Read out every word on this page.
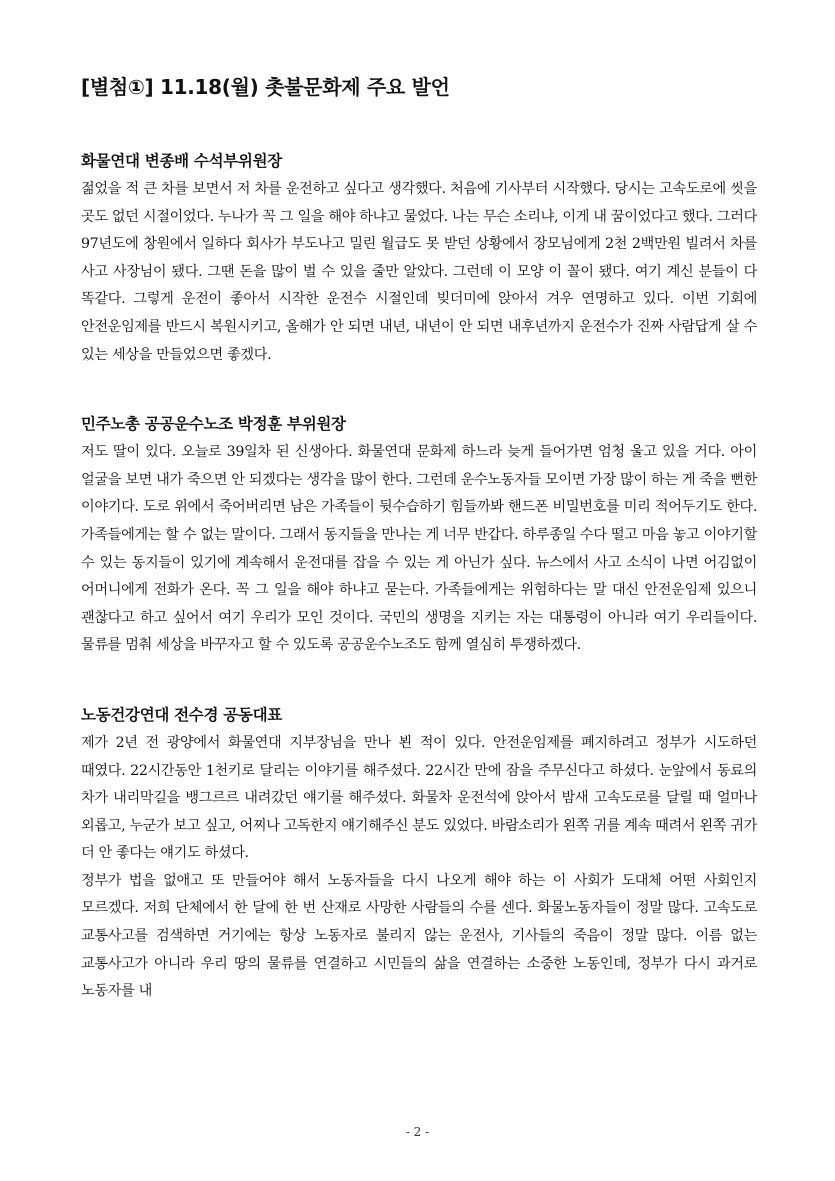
[별첨①] 11.18(월) 촛불문화제 주요 발언
화물연대 변종배 수석부위원장

젊었을 적 큰 차를 보면서 저 차를 운전하고 싶다고 생각했다. 처음에 기사부터 시작했다. 당시는 고속도로에 씻을 곳도 없던 시절이었다. 누나가 꼭 그 일을 해야 하냐고 물었다. 나는 무슨 소리냐, 이게 내 꿈이었다고 했다. 그러다 97년도에 창원에서 일하다 회사가 부도나고 밀린 월급도 못 받던 상황에서 장모님에게 2천 2백만원 빌려서 차를 사고 사장님이 됐다. 그땐 돈을 많이 벌 수 있을 줄만 알았다. 그런데 이 모양 이 꼴이 됐다. 여기 계신 분들이 다 똑같다. 그렇게 운전이 좋아서 시작한 운전수 시절인데 빚더미에 앉아서 겨우 연명하고 있다. 이번 기회에 안전운임제를 반드시 복원시키고, 올해가 안 되면 내년, 내년이 안 되면 내후년까지 운전수가 진짜 사람답게 살 수 있는 세상을 만들었으면 좋겠다.

민주노총 공공운수노조 박정훈 부위원장

저도 딸이 있다. 오늘로 39일차 된 신생아다. 화물연대 문화제 하느라 늦게 들어가면 엄청 울고 있을 거다. 아이 얼굴을 보면 내가 죽으면 안 되겠다는 생각을 많이 한다. 그런데 운수노동자들 모이면 가장 많이 하는 게 죽을 뻔한 이야기다. 도로 위에서 죽어버리면 남은 가족들이 뒷수습하기 힘들까봐 핸드폰 비밀번호를 미리 적어두기도 한다. 가족들에게는 할 수 없는 말이다. 그래서 동지들을 만나는 게 너무 반갑다. 하루종일 수다 떨고 마음 놓고 이야기할 수 있는 동지들이 있기에 계속해서 운전대를 잡을 수 있는 게 아닌가 싶다. 뉴스에서 사고 소식이 나면 어김없이 어머니에게 전화가 온다. 꼭 그 일을 해야 하냐고 묻는다. 가족들에게는 위험하다는 말 대신 안전운임제 있으니 괜찮다고 하고 싶어서 여기 우리가 모인 것이다. 국민의 생명을 지키는 자는 대통령이 아니라 여기 우리들이다. 물류를 멈춰 세상을 바꾸자고 할 수 있도록 공공운수노조도 함께 열심히 투쟁하겠다.

노동건강연대 전수경 공동대표

제가 2년 전 광양에서 화물연대 지부장님을 만나 뵌 적이 있다. 안전운임제를 폐지하려고 정부가 시도하던 때였다. 22시간동안 1천키로 달리는 이야기를 해주셨다. 22시간 만에 잠을 주무신다고 하셨다. 눈앞에서 동료의 차가 내리막길을 뱅그르르 내려갔던 얘기를 해주셨다. 화물차 운전석에 앉아서 밤새 고속도로를 달릴 때 얼마나 외롭고, 누군가 보고 싶고, 어찌나 고독한지 얘기해주신 분도 있었다. 바람소리가 왼쪽 귀를 계속 때려서 왼쪽 귀가 더 안 좋다는 얘기도 하셨다.

정부가 법을 없애고 또 만들어야 해서 노동자들을 다시 나오게 해야 하는 이 사회가 도대체 어떤 사회인지 모르겠다. 저희 단체에서 한 달에 한 번 산재로 사망한 사람들의 수를 센다. 화물노동자들이 정말 많다. 고속도로 교통사고를 검색하면 거기에는 항상 노동자로 불리지 않는 운전사, 기사들의 죽음이 정말 많다. 이름 없는 교통사고가 아니라 우리 땅의 물류를 연결하고 시민들의 삶을 연결하는 소중한 노동인데, 정부가 다시 과거로 노동자를 내

- 2 -
